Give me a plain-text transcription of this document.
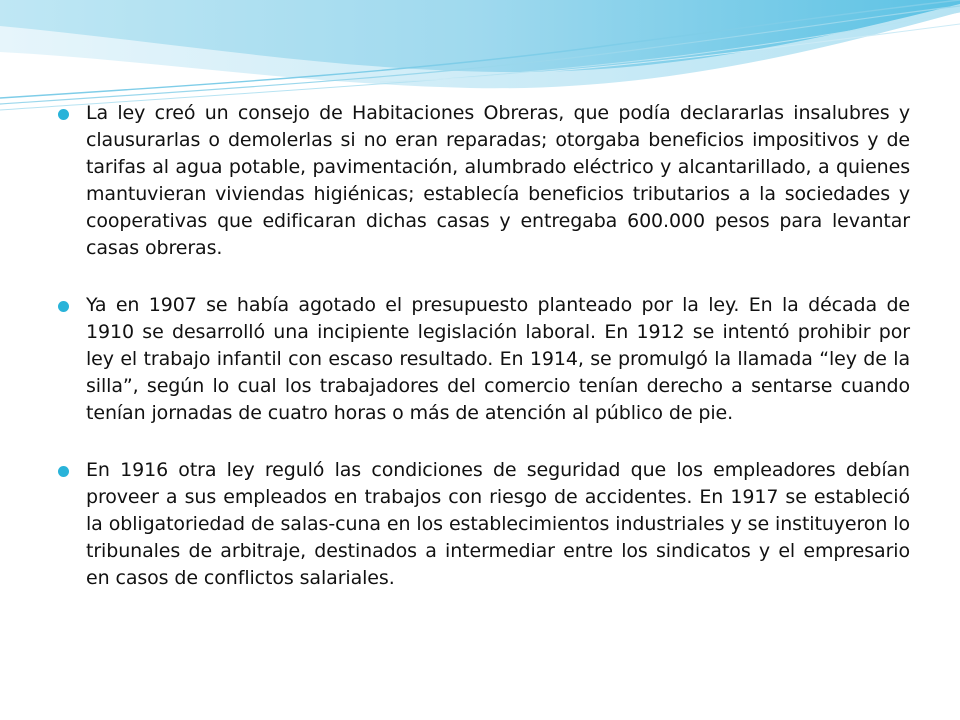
La ley creó un consejo de Habitaciones Obreras, que podía declararlas insalubres y clausurarlas o demolerlas si no eran reparadas; otorgaba beneficios impositivos y de tarifas al agua potable, pavimentación, alumbrado eléctrico y alcantarillado, a quienes mantuvieran viviendas higiénicas; establecía beneficios tributarios a la sociedades y cooperativas que edificaran dichas casas y entregaba 600.000 pesos para levantar casas obreras.
Ya en 1907 se había agotado el presupuesto planteado por la ley. En la década de 1910 se desarrolló una incipiente legislación laboral. En 1912 se intentó prohibir por ley el trabajo infantil con escaso resultado. En 1914, se promulgó la llamada “ley de la silla”, según lo cual los trabajadores del comercio tenían derecho a sentarse cuando tenían jornadas de cuatro horas o más de atención al público de pie.
En 1916 otra ley reguló las condiciones de seguridad que los empleadores debían proveer a sus empleados en trabajos con riesgo de accidentes. En 1917 se estableció la obligatoriedad de salas-cuna en los establecimientos industriales y se instituyeron lo tribunales de arbitraje, destinados a intermediar entre los sindicatos y el empresario en casos de conflictos salariales.
